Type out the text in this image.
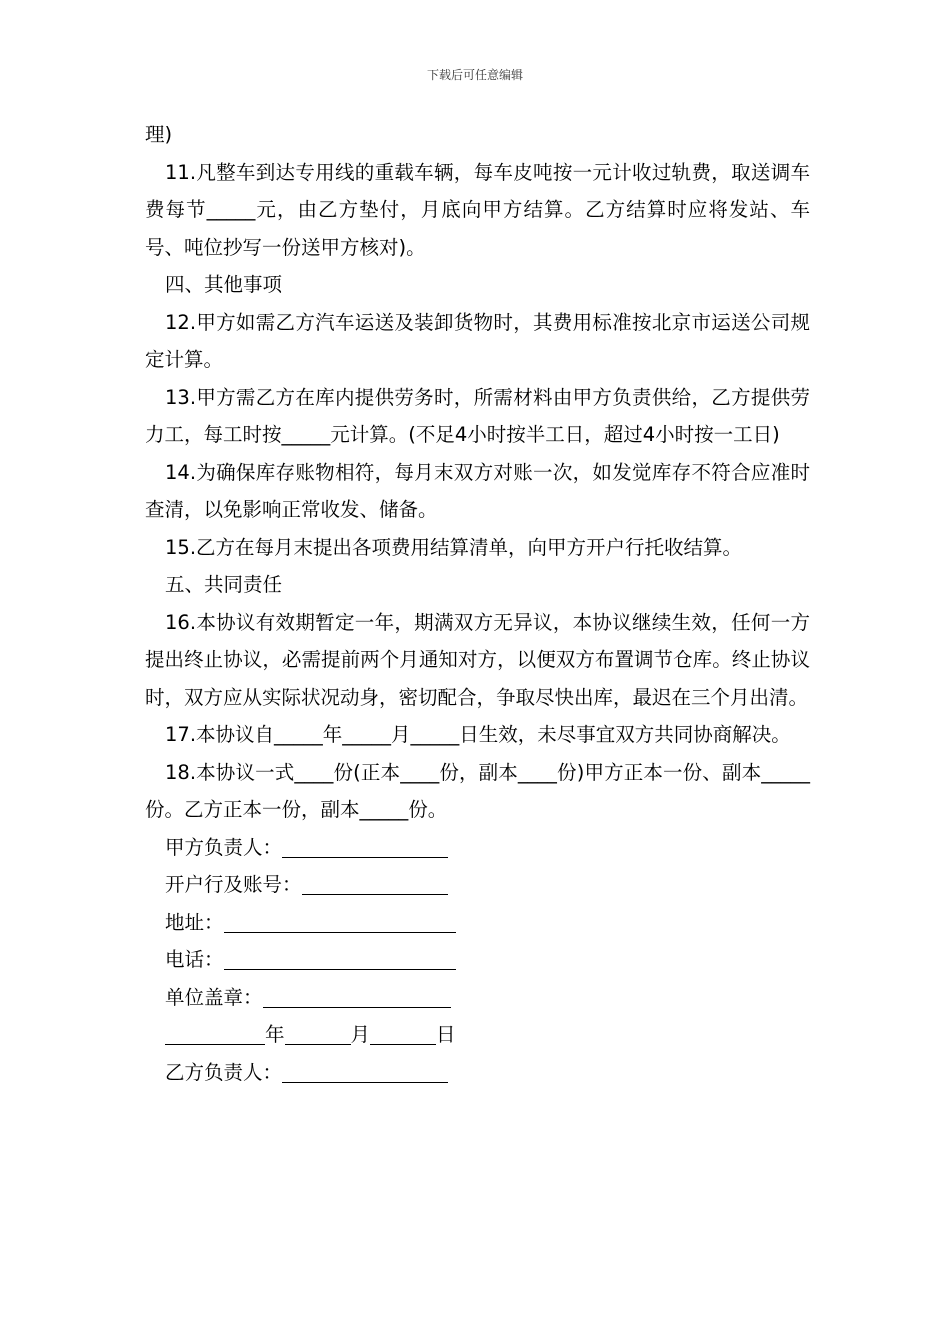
下载后可任意编辑

理)

11.凡整车到达专用线的重载车辆，每车皮吨按一元计收过轨费，取送调车费每节_____元，由乙方垫付，月底向甲方结算。乙方结算时应将发站、车号、吨位抄写一份送甲方核对)。

四、其他事项

12.甲方如需乙方汽车运送及装卸货物时，其费用标准按北京市运送公司规定计算。

13.甲方需乙方在库内提供劳务时，所需材料由甲方负责供给，乙方提供劳力工，每工时按_____元计算。(不足4小时按半工日，超过4小时按一工日)

14.为确保库存账物相符，每月末双方对账一次，如发觉库存不符合应准时查清，以免影响正常收发、储备。

15.乙方在每月末提出各项费用结算清单，向甲方开户行托收结算。

五、共同责任

16.本协议有效期暂定一年，期满双方无异议，本协议继续生效，任何一方提出终止协议，必需提前两个月通知对方，以便双方布置调节仓库。终止协议时，双方应从实际状况动身，密切配合，争取尽快出库，最迟在三个月出清。

17.本协议自_____年_____月_____日生效，未尽事宜双方共同协商解决。

18.本协议一式____份(正本____份，副本____份)甲方正本一份、副本_____份。乙方正本一份，副本_____份。

甲方负责人：

开户行及账号：

地址：

电话：

单位盖章：

年	月	日

乙方负责人：
